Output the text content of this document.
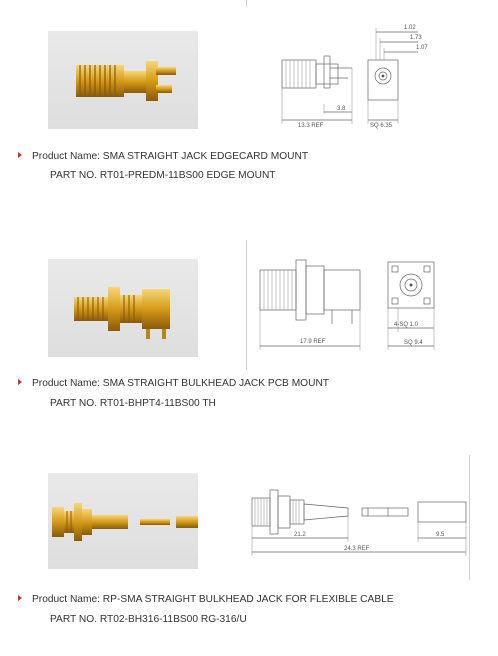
3.8
13.3 REF
1.02
1.73
1.07
SQ 6.35
Product Name: SMA STRAIGHT JACK EDGECARD MOUNT
PART NO. RT01-PREDM-11BS00 EDGE MOUNT
17.9 REF
4-SQ 1.0
SQ 9.4
Product Name: SMA STRAIGHT BULKHEAD JACK PCB MOUNT
PART NO. RT01-BHPT4-11BS00 TH
21.2	9.5
24.3 REF
Product Name: RP-SMA STRAIGHT BULKHEAD JACK FOR FLEXIBLE CABLE
PART NO. RT02-BH316-11BS00 RG-316/U
